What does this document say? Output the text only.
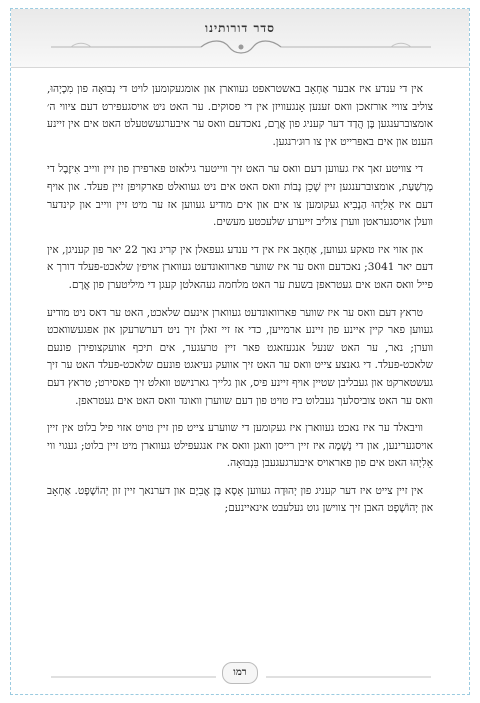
סדר דורותינו

אין די ענדע איז אבער אַחְאָב באשטראפט געווארן און אומגעקומען לויט די נְבוּאָה פון מִכָיְהוּ, צוליב צוויי אורזאכן וואס זענען אָנגעוויזן אין די פסוקים. ער האט ניט אויסגעפירט דעם ציווי ה׳ אומצוברענגען בֶּן הֲדַד דער קעניג פון אֲרָם, נאכדעם וואס ער איבערגעשטעלט האט אים אין זיינע הענט און אים באפרייט אין צו רוּג׳רנגען.

די צוויטע זאך איז געווען דעם וואס ער האט זיך ווייטער גילאזט פארפירן פון זיין ווייב אִיזֶבֶל די מְרַשַׁעַת, אומצוברענגען זיין שָׁכֵן נָבוֹת וואס האט אים ניט געוואלט פארקויפן זיין פעלד. און אויף דעם איז אֵלִיָהוּ הַנָבִיא געקומען צו אים און אים מודיע געווען אז ער מיט זיין ווייב און קינדער וועלן אויסגעראטן ווערן צוליב זייערע שלעכטע מעשים.

און אזוי איז טאקע געווען, אַחְאָב איז אין די ענדע געפאלן אין קריג נאך 22 יאר פון קעניגן, אין דעם יאר 3041; נאכדעם וואס ער איז שווער פארוואונדעט געווארן אויפ׳ן שלאכט-פעלד דורך א פייל וואס האט אים געטראפן בשעת ער האט מלחמה געהאלטן קעגן די מיליטערן פון אֲרָם.

טראץ דעם וואס ער איז שווער פארוואונדעט געווארן אינעם שלאכט, האט ער דאס ניט מודיע געווען פאר קיין איינע פון זיינע ארמייען, כדי אז זיי זאלן זיך ניט דערשרעקן און אפגעשוואכט ווערן; נאר, ער האט שנעל אנגעזאגט פאר זיין טרעגער, אים תיכף אוועקצופירן פונעם שלאכט-פעלד. די גאנצע צייט וואס ער האט זיך אוועק געיאגט פונעם שלאכט-פעלד האט ער זיך געשטארקט און געבליבן שטיין אויף זיינע פיס, און גלייך גארנישט וואלט זיך פאסירט; טראץ דעם וואס ער האט צוביסלעך געבלוט ביז טויט פון דעם שווערן וואונד וואס האט אים געטראפן.

וויבאלד ער איז נאכט געווארן איז געקומען די שווערע צייט פון זיין טויט אזוי פיל בלוט אין זיין אויסגערינען, און די נְשָׁמָה איז זיין רייסן וואגן וואס איז אנגעפילט געווארן מיט זיין בלוט; געגוי ווי אֵלִיָהוּ האט אים פון פאראויס איבערגעגעבן בִּנְבוּאָה.

אין זיין צייט איז דער קעניג פון יְהוּדָה געווען אָסָא בֶּן אֲבִיָם און דערנאך זיין זון יְהוֹשָׁפָט. אַחְאָב און יְהוֹשָׁפָט האבן זיך צווישן גוט געלעבט אינאיינעם;

רמו
